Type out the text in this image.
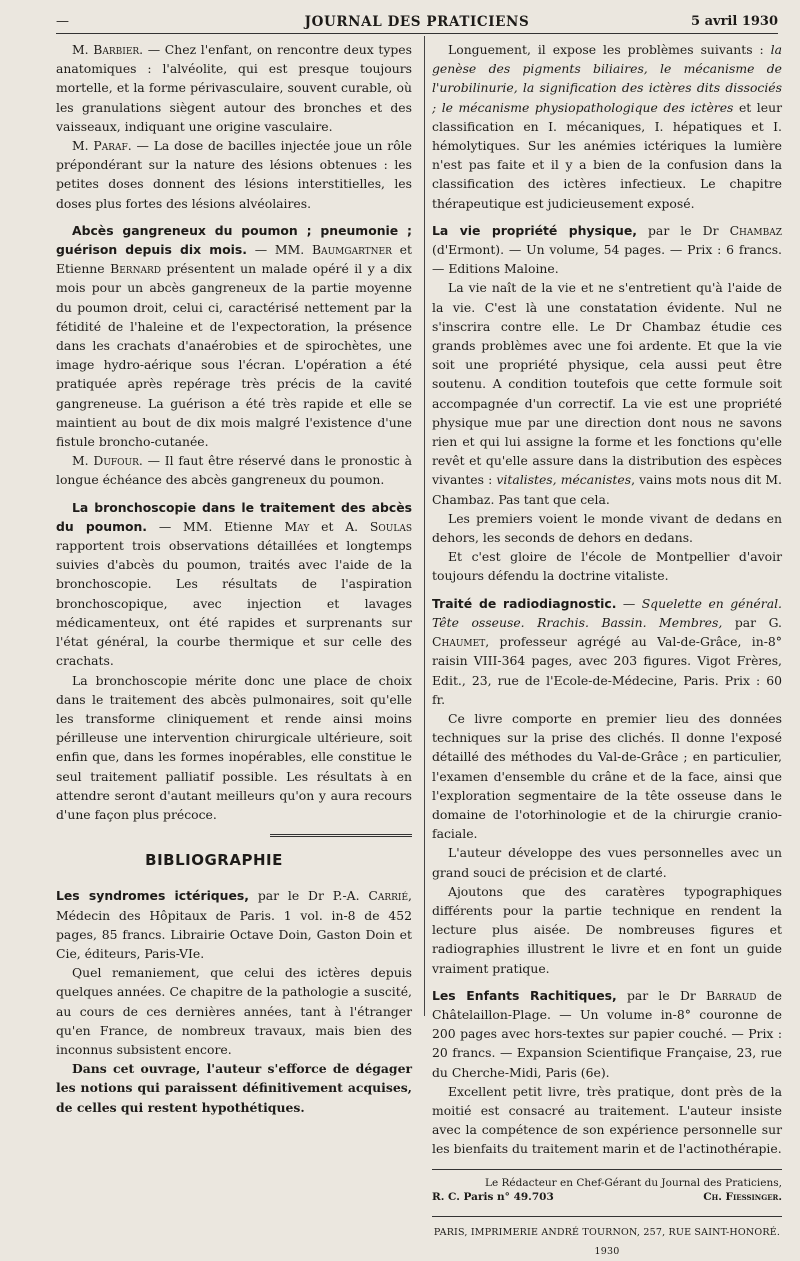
—	JOURNAL DES PRATICIENS	5 avril 1930

M. Barbier. — Chez l'enfant, on rencontre deux types anatomiques : l'alvéolite, qui est presque toujours mortelle, et la forme périvasculaire, souvent curable, où les granulations siègent autour des bronches et des vaisseaux, indiquant une origine vasculaire.

M. Paraf. — La dose de bacilles injectée joue un rôle prépondérant sur la nature des lésions obtenues : les petites doses donnent des lésions interstitielles, les doses plus fortes des lésions alvéolaires.

Abcès gangreneux du poumon ; pneumonie ; guérison depuis dix mois. — MM. Baumgartner et Etienne Bernard présentent un malade opéré il y a dix mois pour un abcès gangreneux de la partie moyenne du poumon droit, celui ci, caractérisé nettement par la fétidité de l'haleine et de l'expectoration, la présence dans les crachats d'anaérobies et de spirochètes, une image hydro-aérique sous l'écran. L'opération a été pratiquée après repérage très précis de la cavité gangreneuse. La guérison a été très rapide et elle se maintient au bout de dix mois malgré l'existence d'une fistule broncho-cutanée.

M. Dufour. — Il faut être réservé dans le pronostic à longue échéance des abcès gangreneux du poumon.

La bronchoscopie dans le traitement des abcès du poumon. — MM. Etienne May et A. Soulas rapportent trois observations détaillées et longtemps suivies d'abcès du poumon, traités avec l'aide de la bronchoscopie. Les résultats de l'aspiration bronchoscopique, avec injection et lavages médicamenteux, ont été rapides et surprenants sur l'état général, la courbe thermique et sur celle des crachats.

La bronchoscopie mérite donc une place de choix dans le traitement des abcès pulmonaires, soit qu'elle les transforme cliniquement et rende ainsi moins périlleuse une intervention chirurgicale ultérieure, soit enfin que, dans les formes inopérables, elle constitue le seul traitement palliatif possible. Les résultats à en attendre seront d'autant meilleurs qu'on y aura recours d'une façon plus précoce.

BIBLIOGRAPHIE

Les syndromes ictériques, par le Dr P.-A. Carrié, Médecin des Hôpitaux de Paris. 1 vol. in-8 de 452 pages, 85 francs. Librairie Octave Doin, Gaston Doin et Cie, éditeurs, Paris-VIe.

Quel remaniement, que celui des ictères depuis quelques années. Ce chapitre de la pathologie a suscité, au cours de ces dernières années, tant à l'étranger qu'en France, de nombreux travaux, mais bien des inconnus subsistent encore.

Dans cet ouvrage, l'auteur s'efforce de dégager les notions qui paraissent définitivement acquises, de celles qui restent hypothétiques.

Longuement, il expose les problèmes suivants : la genèse des pigments biliaires, le mécanisme de l'urobilinurie, la signification des ictères dits dissociés ; le mécanisme physiopathologique des ictères et leur classification en I. mécaniques, I. hépatiques et I. hémolytiques. Sur les anémies ictériques la lumière n'est pas faite et il y a bien de la confusion dans la classification des ictères infectieux. Le chapitre thérapeutique est judicieusement exposé.

La vie propriété physique, par le Dr Chambaz (d'Ermont). — Un volume, 54 pages. — Prix : 6 francs. — Editions Maloine.

La vie naît de la vie et ne s'entretient qu'à l'aide de la vie. C'est là une constatation évidente. Nul ne s'inscrira contre elle. Le Dr Chambaz étudie ces grands problèmes avec une foi ardente. Et que la vie soit une propriété physique, cela aussi peut être soutenu. A condition toutefois que cette formule soit accompagnée d'un correctif. La vie est une propriété physique mue par une direction dont nous ne savons rien et qui lui assigne la forme et les fonctions qu'elle revêt et qu'elle assure dans la distribution des espèces vivantes : vitalistes, mécanistes, vains mots nous dit M. Chambaz. Pas tant que cela.

Les premiers voient le monde vivant de dedans en dehors, les seconds de dehors en dedans.

Et c'est gloire de l'école de Montpellier d'avoir toujours défendu la doctrine vitaliste.

Traité de radiodiagnostic. — Squelette en général. Tête osseuse. Rrachis. Bassin. Membres, par G. Chaumet, professeur agrégé au Val-de-Grâce, in-8° raisin VIII-364 pages, avec 203 figures. Vigot Frères, Edit., 23, rue de l'Ecole-de-Médecine, Paris. Prix : 60 fr.

Ce livre comporte en premier lieu des données techniques sur la prise des clichés. Il donne l'exposé détaillé des méthodes du Val-de-Grâce ; en particulier, l'examen d'ensemble du crâne et de la face, ainsi que l'exploration segmentaire de la tête osseuse dans le domaine de l'otorhinologie et de la chirurgie cranio-faciale.

L'auteur développe des vues personnelles avec un grand souci de précision et de clarté.

Ajoutons que des caratères typographiques différents pour la partie technique en rendent la lecture plus aisée. De nombreuses figures et radiographies illustrent le livre et en font un guide vraiment pratique.

Les Enfants Rachitiques, par le Dr Barraud de Châtelaillon-Plage. — Un volume in-8° couronne de 200 pages avec hors-textes sur papier couché. — Prix : 20 francs. — Expansion Scientifique Française, 23, rue du Cherche-Midi, Paris (6e).

Excellent petit livre, très pratique, dont près de la moitié est consacré au traitement. L'auteur insiste avec la compétence de son expérience personnelle sur les bienfaits du traitement marin et de l'actinothérapie.

Le Rédacteur en Chef-Gérant du Journal des Praticiens,
R. C. Paris n° 49.703	Ch. Fiessinger.
PARIS, IMPRIMERIE ANDRÉ TOURNON, 257, RUE SAINT-HONORÉ. 1930
